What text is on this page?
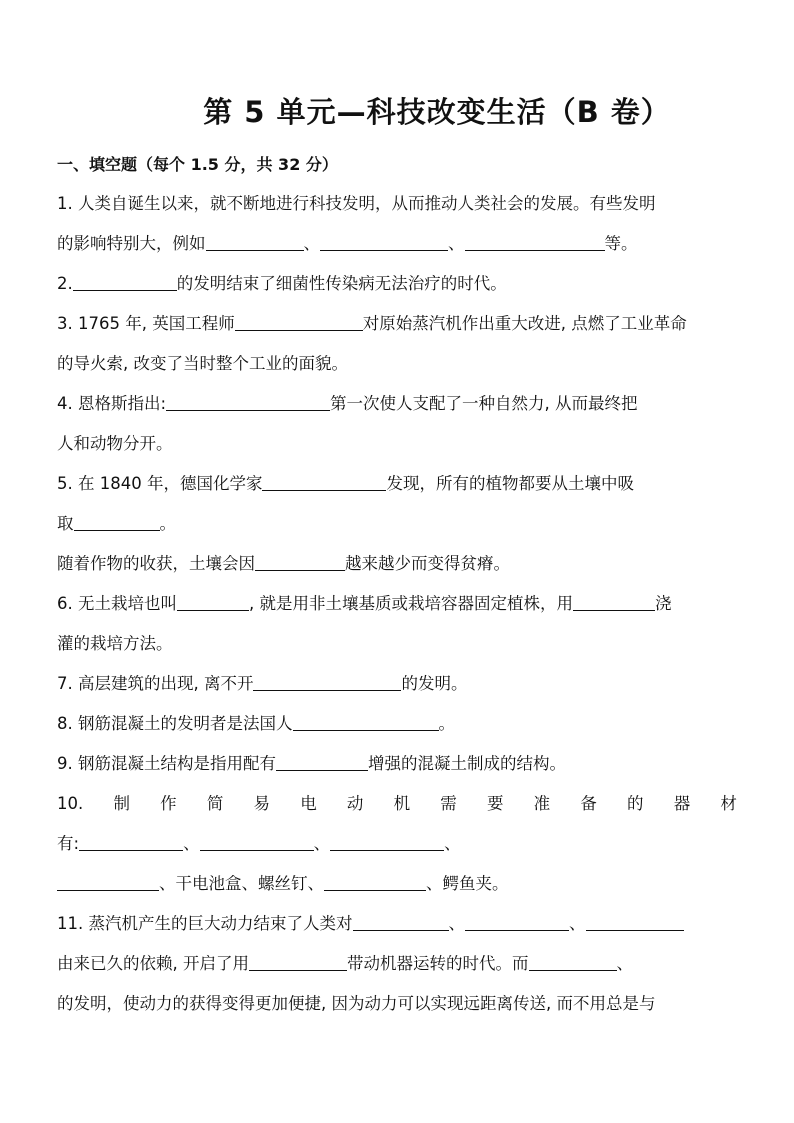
第 5 单元—科技改变生活（B 卷）
一、填空题（每个 1.5 分，共 32 分）
1. 人类自诞生以来，就不断地进行科技发明，从而推动人类社会的发展。有些发明
的影响特别大，例如	、	、	等。
2.	的发明结束了细菌性传染病无法治疗的时代。
3. 1765 年, 英国工程师	对原始蒸汽机作出重大改进, 点燃了工业革命
的导火索, 改变了当时整个工业的面貌。
4. 恩格斯指出:	第一次使人支配了一种自然力, 从而最终把
人和动物分开。
5. 在 1840 年，德国化学家	发现，所有的植物都要从土壤中吸
取	。
随着作物的收获，土壤会因	越来越少而变得贫瘠。
6. 无土栽培也叫	, 就是用非土壤基质或栽培容器固定植株，用	浇
灌的栽培方法。
7. 高层建筑的出现, 离不开	的发明。
8. 钢筋混凝土的发明者是法国人	。
9. 钢筋混凝土结构是指用配有	增强的混凝土制成的结构。
10. 制 作 简 易 电 动 机 需 要 准 备 的 器 材
有:	、	、	、
、干电池盒、螺丝钉、	、鳄鱼夹。
11. 蒸汽机产生的巨大动力结束了人类对	、	、
由来已久的依赖, 开启了用	带动机器运转的时代。而	、
的发明，使动力的获得变得更加便捷, 因为动力可以实现远距离传送, 而不用总是与
